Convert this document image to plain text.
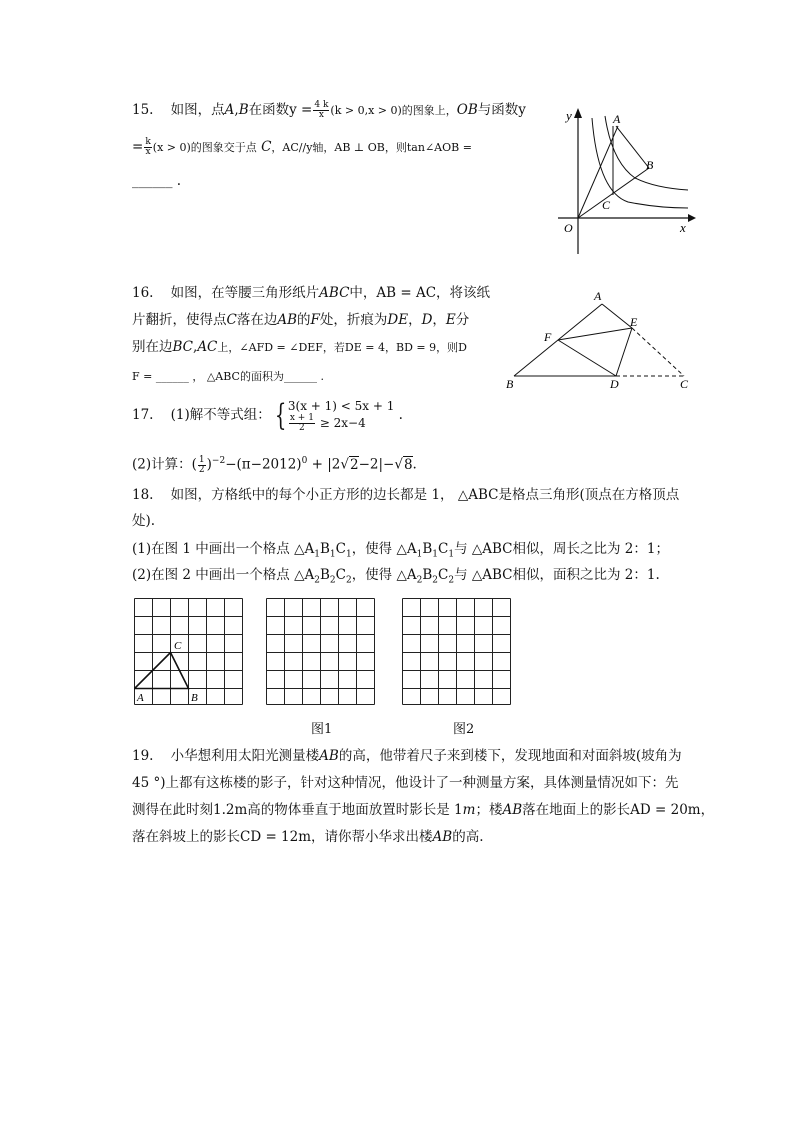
15. 如图，点A,B在函数$y = \frac{4 k}{x} (k > 0,x > 0)$的图象上，OB与函数y
= $\frac{k}{x} (x > 0)$的图象交于点 C，AC//y轴，AB ⊥ OB，则tan∠AOB =
______ .
y
x
O
A
B
C
16. 如图，在等腰三角形纸片ABC中，AB = AC，将该纸
片翻折，使得点C落在边AB的F处，折痕为DE，D，E分
别在边BC,AC上，∠AFD = ∠DEF，若DE = 4，BD = 9，则D
F = ______ ， △ABC的面积为______ .
A
E
F
B	D	C
17. (1)解不等式组： { 3(x + 1) < 5x + 1
$\frac{x + 1}{2} \ge 2x-4$	.
(2)计算：( $\frac{1}{2} )^{-2}-(\pi-2012)^0 + |2√2-2|-√8$.
18. 如图，方格纸中的每个小正方形的边长都是 1， △ABC是格点三角形(顶点在方格顶点
处).
(1)在图 1 中画出一个格点 $\triangle A_1B_1C_1$，使得 $\triangle A_1B_1C_1$与 △ABC相似，周长之比为 2：1；
(2)在图 2 中画出一个格点 $\triangle A_2B_2C_2$，使得 $\triangle A_2B_2C_2$与 △ABC相似，面积之比为 2：1.
A	B
C
图1	图2
19. 小华想利用太阳光测量楼AB的高，他带着尺子来到楼下，发现地面和对面斜坡(坡角为
45 °)上都有这栋楼的影子，针对这种情况，他设计了一种测量方案，具体测量情况如下：先
测得在此时刻1.2m高的物体垂直于地面放置时影长是 1m；楼AB落在地面上的影长AD = 20m，
落在斜坡上的影长CD = 12m，请你帮小华求出楼AB的高.
